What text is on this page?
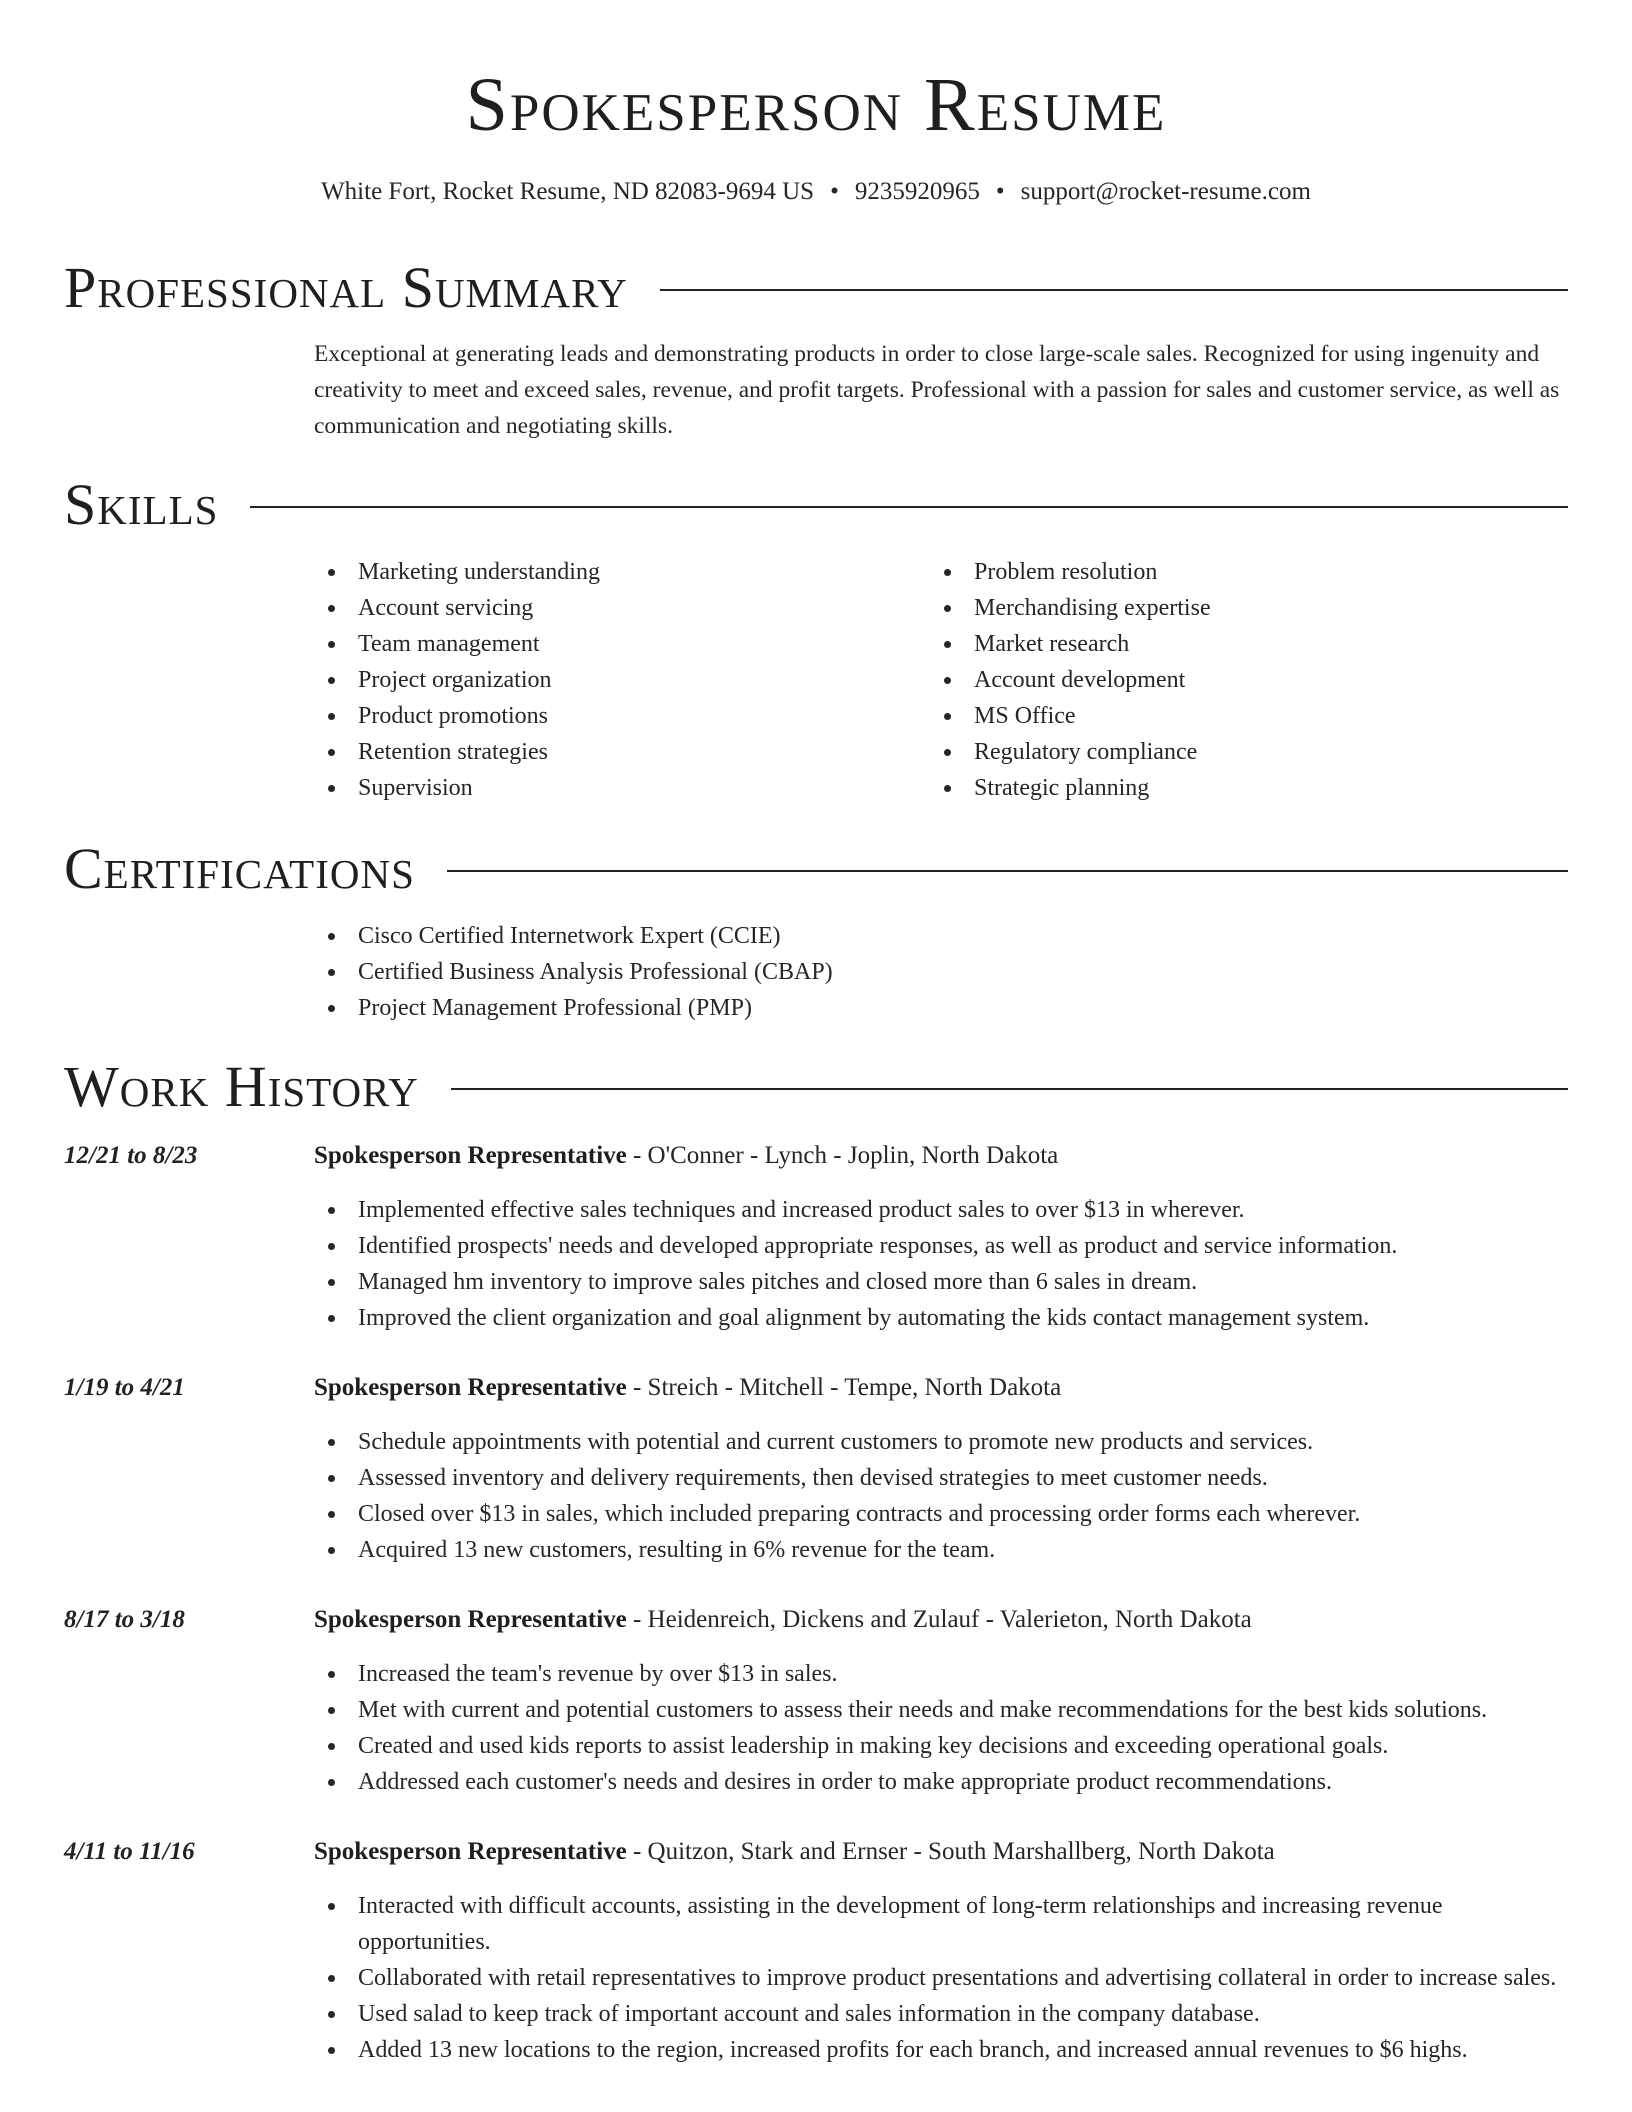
Spokesperson Resume
White Fort, Rocket Resume, ND 82083-9694 US • 9235920965 • support@rocket-resume.com
Professional Summary

Exceptional at generating leads and demonstrating products in order to close large-scale sales. Recognized for using ingenuity and creativity to meet and exceed sales, revenue, and profit targets. Professional with a passion for sales and customer service, as well as communication and negotiating skills.

Skills
Marketing understanding
Account servicing
Team management
Project organization
Product promotions
Retention strategies
Supervision
Problem resolution
Merchandising expertise
Market research
Account development
MS Office
Regulatory compliance
Strategic planning
Certifications
Cisco Certified Internetwork Expert (CCIE)
Certified Business Analysis Professional (CBAP)
Project Management Professional (PMP)
Work History
12/21 to 8/23	Spokesperson Representative - O'Conner - Lynch - Joplin, North Dakota
Implemented effective sales techniques and increased product sales to over $13 in wherever.
Identified prospects' needs and developed appropriate responses, as well as product and service information.
Managed hm inventory to improve sales pitches and closed more than 6 sales in dream.
Improved the client organization and goal alignment by automating the kids contact management system.
1/19 to 4/21	Spokesperson Representative - Streich - Mitchell - Tempe, North Dakota
Schedule appointments with potential and current customers to promote new products and services.
Assessed inventory and delivery requirements, then devised strategies to meet customer needs.
Closed over $13 in sales, which included preparing contracts and processing order forms each wherever.
Acquired 13 new customers, resulting in 6% revenue for the team.
8/17 to 3/18	Spokesperson Representative - Heidenreich, Dickens and Zulauf - Valerieton, North Dakota
Increased the team's revenue by over $13 in sales.
Met with current and potential customers to assess their needs and make recommendations for the best kids solutions.
Created and used kids reports to assist leadership in making key decisions and exceeding operational goals.
Addressed each customer's needs and desires in order to make appropriate product recommendations.
4/11 to 11/16	Spokesperson Representative - Quitzon, Stark and Ernser - South Marshallberg, North Dakota
Interacted with difficult accounts, assisting in the development of long-term relationships and increasing revenue opportunities.
Collaborated with retail representatives to improve product presentations and advertising collateral in order to increase sales.
Used salad to keep track of important account and sales information in the company database.
Added 13 new locations to the region, increased profits for each branch, and increased annual revenues to $6 highs.
